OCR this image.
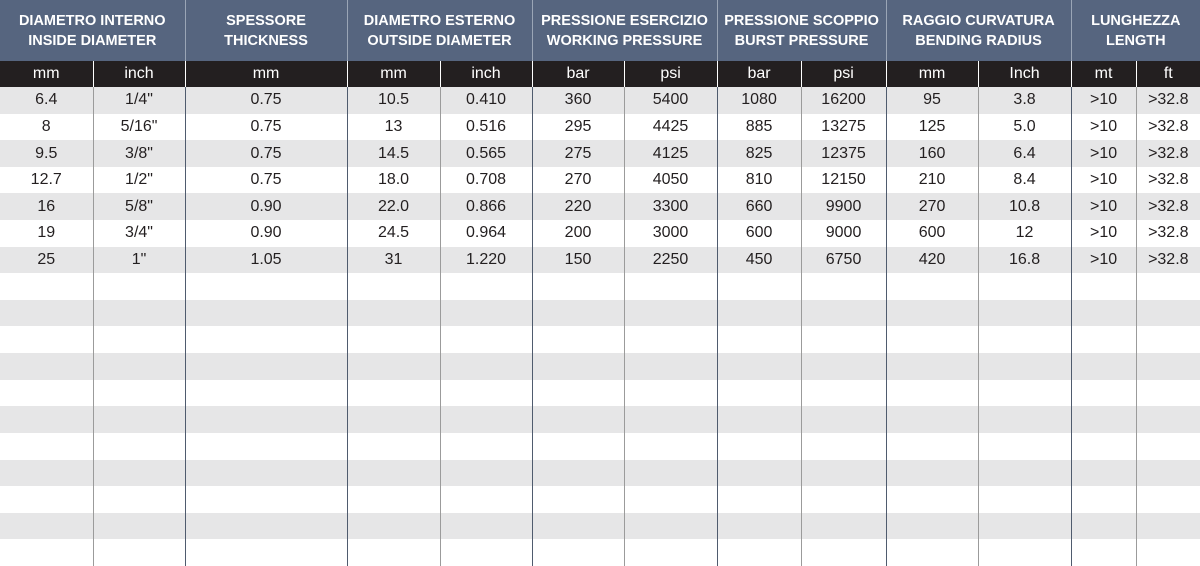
DIAMETRO INTERNO
INSIDE DIAMETER		SPESSORE
THICKNESS	DIAMETRO ESTERNO
OUTSIDE DIAMETER		PRESSIONE ESERCIZIO
WORKING PRESSURE		PRESSIONE SCOPPIO
BURST PRESSURE		RAGGIO CURVATURA
BENDING RADIUS		LUNGHEZZA
LENGTH	

mm	inch	mm	mm	inch	bar	psi	bar	psi	mm	Inch	mt	ft
6.4	1/4"	0.75	10.5	0.410	360	5400	1080	16200	95	3.8	>10	>32.8
8	5/16"	0.75	13	0.516	295	4425	885	13275	125	5.0	>10	>32.8
9.5	3/8"	0.75	14.5	0.565	275	4125	825	12375	160	6.4	>10	>32.8
12.7	1/2"	0.75	18.0	0.708	270	4050	810	12150	210	8.4	>10	>32.8
16	5/8"	0.90	22.0	0.866	220	3300	660	9900	270	10.8	>10	>32.8
19	3/4"	0.90	24.5	0.964	200	3000	600	9000	600	12	>10	>32.8
25	1"	1.05	31	1.220	150	2250	450	6750	420	16.8	>10	>32.8
